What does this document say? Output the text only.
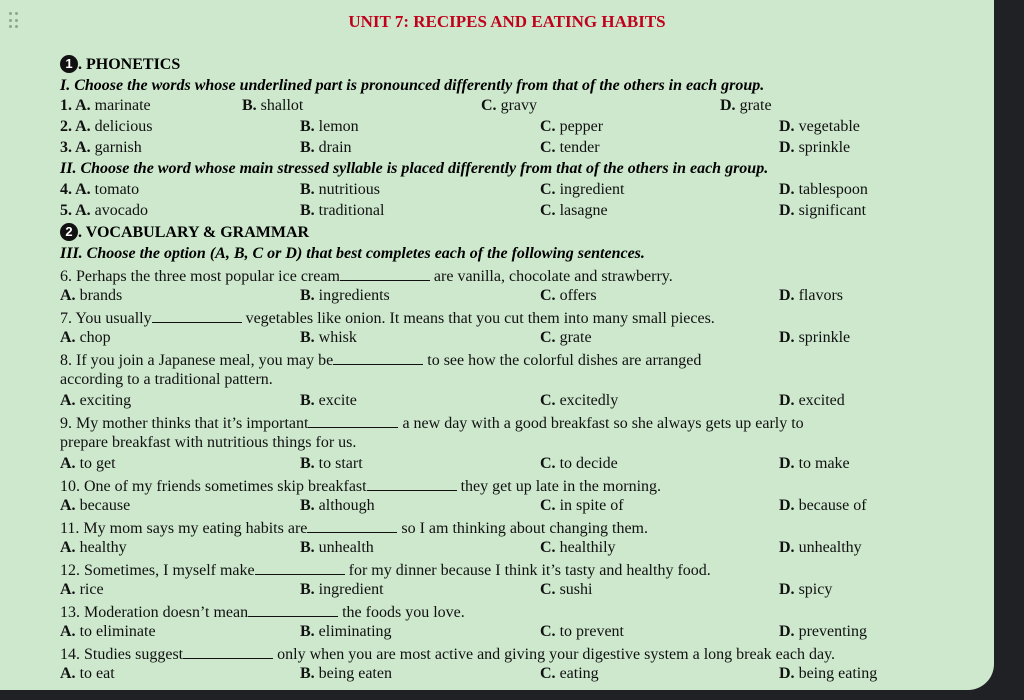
UNIT 7: RECIPES AND EATING HABITS
1 . PHONETICS
I. Choose the words whose underlined part is pronounced differently from that of the others in each group.
1. A. marinate	B. shallot	C. gravy	D. grate
2. A. delicious	B. lemon	C. pepper	D. vegetable
3. A. garnish	B. drain	C. tender	D. sprinkle
II. Choose the word whose main stressed syllable is placed differently from that of the others in each group.
4. A. tomato	B. nutritious	C. ingredient	D. tablespoon
5. A. avocado	B. traditional	C. lasagne	D. significant
2 . VOCABULARY & GRAMMAR
III. Choose the option (A, B, C or D) that best completes each of the following sentences.
6. Perhaps the three most popular ice cream	are vanilla, chocolate and strawberry.
A. brands	B. ingredients	C. offers	D. flavors
7. You usually	vegetables like onion. It means that you cut them into many small pieces.
A. chop	B. whisk	C. grate	D. sprinkle
8. If you join a Japanese meal, you may be	to see how the colorful dishes are arranged
according to a traditional pattern.
A. exciting	B. excite	C. excitedly	D. excited
9. My mother thinks that it’s important	a new day with a good breakfast so she always gets up early to
prepare breakfast with nutritious things for us.
A. to get	B. to start	C. to decide	D. to make
10. One of my friends sometimes skip breakfast	they get up late in the morning.
A. because	B. although	C. in spite of	D. because of
11. My mom says my eating habits are	so I am thinking about changing them.
A. healthy	B. unhealth	C. healthily	D. unhealthy
12. Sometimes, I myself make	for my dinner because I think it’s tasty and healthy food.
A. rice	B. ingredient	C. sushi	D. spicy
13. Moderation doesn’t mean	the foods you love.
A. to eliminate	B. eliminating	C. to prevent	D. preventing
14. Studies suggest	only when you are most active and giving your digestive system a long break each day.
A. to eat	B. being eaten	C. eating	D. being eating
